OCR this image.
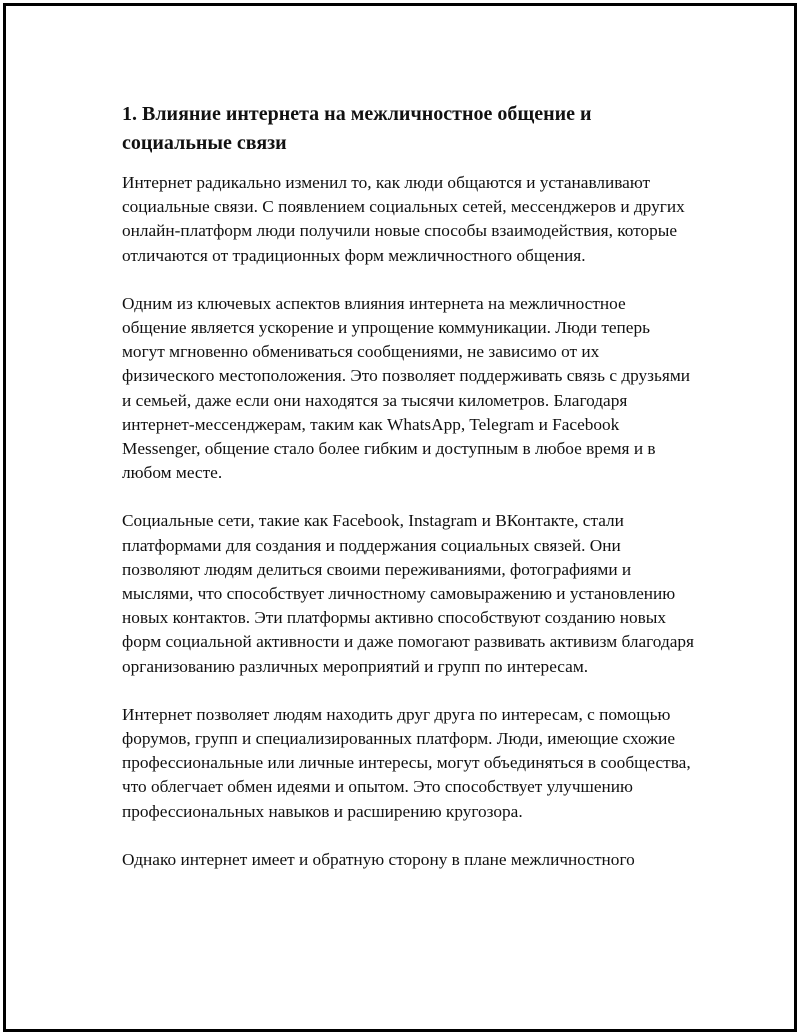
1. Влияние интернета на межличностное общение и социальные связи

Интернет радикально изменил то, как люди общаются и устанавливают социальные связи. С появлением социальных сетей, мессенджеров и других онлайн-платформ люди получили новые способы взаимодействия, которые отличаются от традиционных форм межличностного общения.

Одним из ключевых аспектов влияния интернета на межличностное общение является ускорение и упрощение коммуникации. Люди теперь могут мгновенно обмениваться сообщениями, не зависимо от их физического местоположения. Это позволяет поддерживать связь с друзьями и семьей, даже если они находятся за тысячи километров. Благодаря интернет-мессенджерам, таким как WhatsApp, Telegram и Facebook Messenger, общение стало более гибким и доступным в любое время и в любом месте.

Социальные сети, такие как Facebook, Instagram и ВКонтакте, стали платформами для создания и поддержания социальных связей. Они позволяют людям делиться своими переживаниями, фотографиями и мыслями, что способствует личностному самовыражению и установлению новых контактов. Эти платформы активно способствуют созданию новых форм социальной активности и даже помогают развивать активизм благодаря организованию различных мероприятий и групп по интересам.

Интернет позволяет людям находить друг друга по интересам, с помощью форумов, групп и специализированных платформ. Люди, имеющие схожие профессиональные или личные интересы, могут объединяться в сообщества, что облегчает обмен идеями и опытом. Это способствует улучшению профессиональных навыков и расширению кругозора.

Однако интернет имеет и обратную сторону в плане межличностного
